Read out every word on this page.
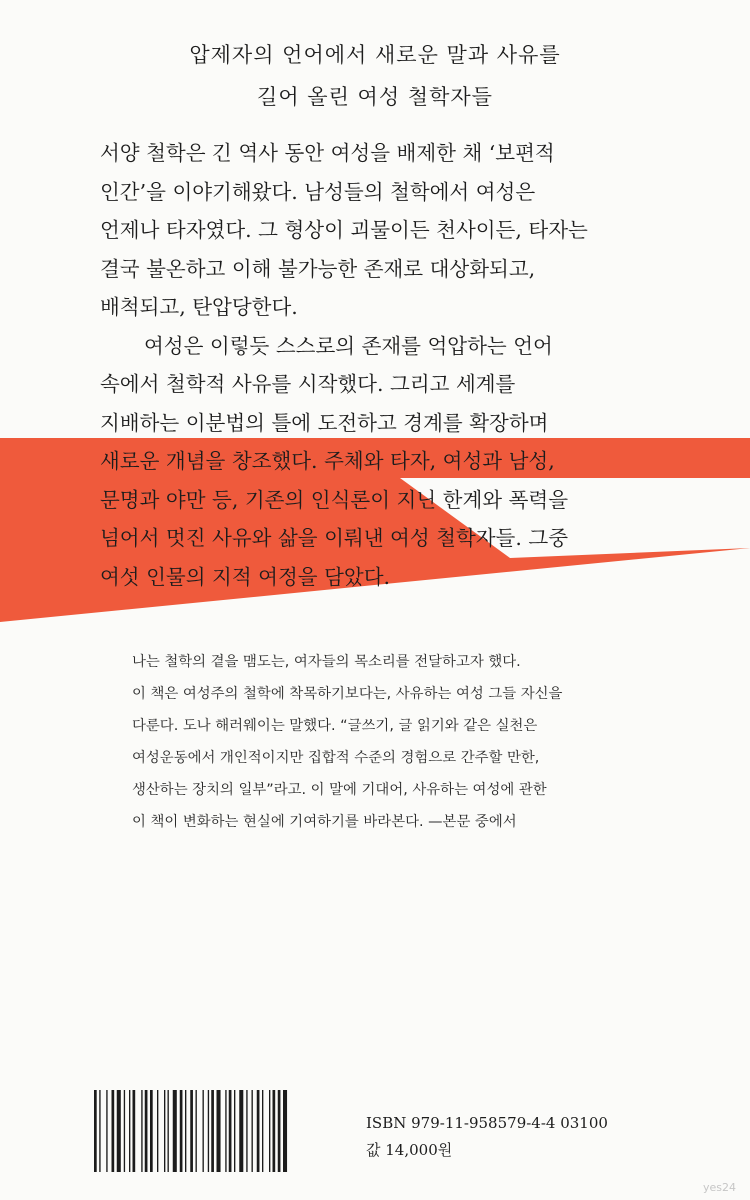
압제자의 언어에서 새로운 말과 사유를
길어 올린 여성 철학자들
서양 철학은 긴 역사 동안 여성을 배제한 채 ‘보편적
인간’을 이야기해왔다. 남성들의 철학에서 여성은
언제나 타자였다. 그 형상이 괴물이든 천사이든, 타자는
결국 불온하고 이해 불가능한 존재로 대상화되고,
배척되고, 탄압당한다.
여성은 이렇듯 스스로의 존재를 억압하는 언어
속에서 철학적 사유를 시작했다. 그리고 세계를
지배하는 이분법의 틀에 도전하고 경계를 확장하며
새로운 개념을 창조했다. 주체와 타자, 여성과 남성,
문명과 야만 등, 기존의 인식론이 지닌 한계와 폭력을
넘어서 멋진 사유와 삶을 이뤄낸 여성 철학자들. 그중
여섯 인물의 지적 여정을 담았다.
나는 철학의 곁을 맴도는, 여자들의 목소리를 전달하고자 했다.
이 책은 여성주의 철학에 착목하기보다는, 사유하는 여성 그들 자신을
다룬다. 도나 해러웨이는 말했다. “글쓰기, 글 읽기와 같은 실천은
여성운동에서 개인적이지만 집합적 수준의 경험으로 간주할 만한,
생산하는 장치의 일부”라고. 이 말에 기대어, 사유하는 여성에 관한
이 책이 변화하는 현실에 기여하기를 바라본다. —본문 중에서
ISBN 979-11-958579-4-4 03100
값 14,000원
yes24
